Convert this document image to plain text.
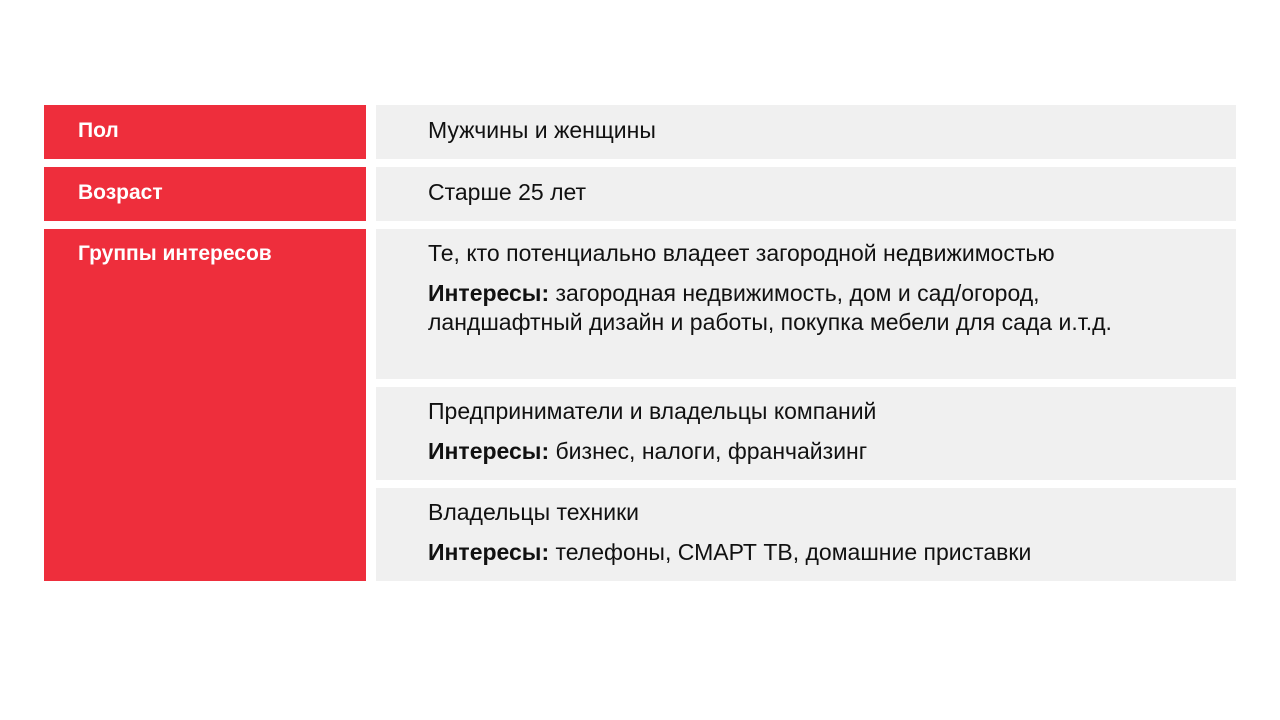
Пол	Мужчины и женщины

Возраст	Старше 25 лет

Группы интересов	Те, кто потенциально владеет загородной недвижимостью

Интересы: загородная недвижимость, дом и сад/огород, ландшафтный дизайн и работы, покупка мебели для сада и.т.д.

Предприниматели и владельцы компаний

Интересы: бизнес, налоги, франчайзинг

Владельцы техники

Интересы: телефоны, СМАРТ ТВ, домашние приставки
